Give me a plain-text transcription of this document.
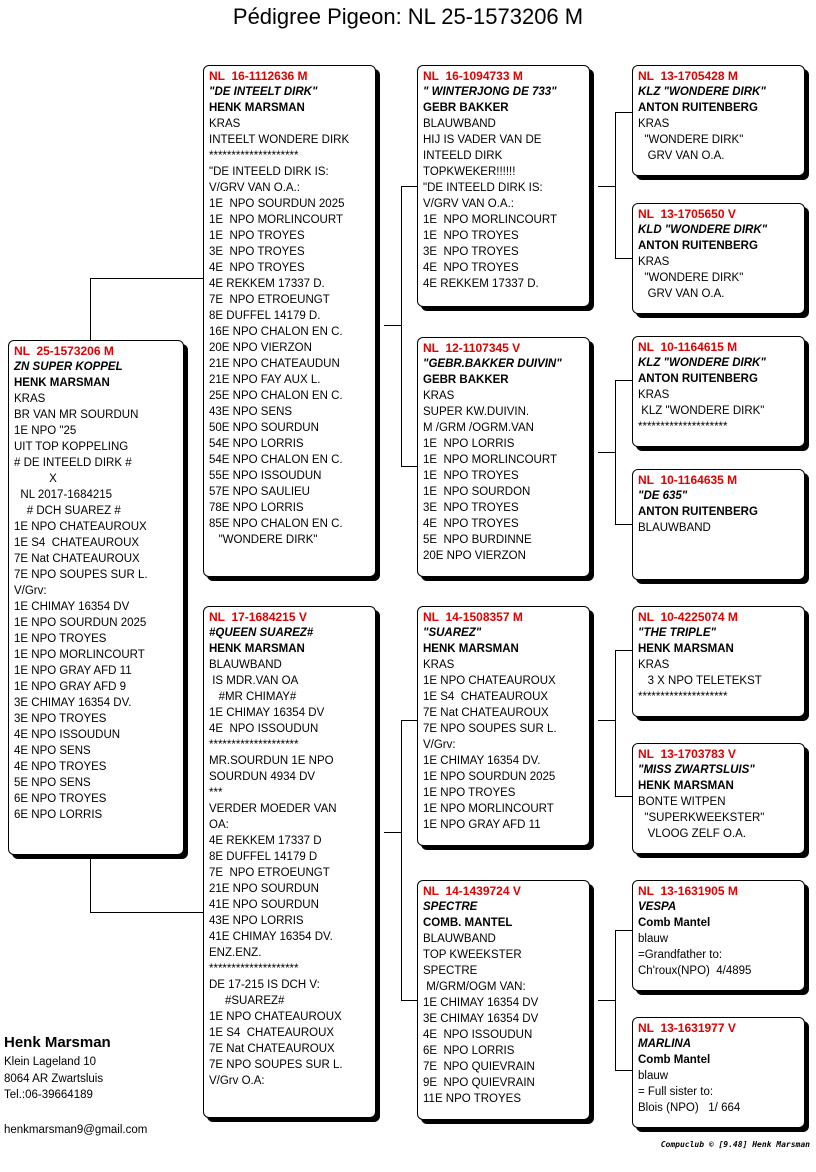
Pédigree Pigeon: NL 25-1573206 M
NL  25-1573206 M
ZN SUPER KOPPEL
HENK MARSMAN
KRAS
BR VAN MR SOURDUN
1E NPO "25
UIT TOP KOPPELING
# DE INTEELD DIRK #
X
NL 2017-1684215
# DCH SUAREZ #
1E NPO CHATEAUROUX
1E S4  CHATEAUROUX
7E Nat CHATEAUROUX
7E NPO SOUPES SUR L.
V/Grv:
1E CHIMAY 16354 DV
1E NPO SOURDUN 2025
1E NPO TROYES
1E NPO MORLINCOURT
1E NPO GRAY AFD 11
1E NPO GRAY AFD 9
3E CHIMAY 16354 DV.
3E NPO TROYES
4E NPO ISSOUDUN
4E NPO SENS
4E NPO TROYES
5E NPO SENS
6E NPO TROYES
6E NPO LORRIS
NL  16-1112636 M
"DE INTEELT DIRK"
HENK MARSMAN
KRAS
INTEELT WONDERE DIRK
********************
"DE INTEELD DIRK IS:
V/GRV VAN O.A.:
1E  NPO SOURDUN 2025
1E  NPO MORLINCOURT
1E  NPO TROYES
3E  NPO TROYES
4E  NPO TROYES
4E REKKEM 17337 D.
7E  NPO ETROEUNGT
8E DUFFEL 14179 D.
16E NPO CHALON EN C.
20E NPO VIERZON
21E NPO CHATEAUDUN
21E NPO FAY AUX L.
25E NPO CHALON EN C.
43E NPO SENS
50E NPO SOURDUN
54E NPO LORRIS
54E NPO CHALON EN C.
55E NPO ISSOUDUN
57E NPO SAULIEU
78E NPO LORRIS
85E NPO CHALON EN C.
"WONDERE DIRK"
NL  17-1684215 V
#QUEEN SUAREZ#
HENK MARSMAN
BLAUWBAND
IS MDR.VAN OA
#MR CHIMAY#
1E CHIMAY 16354 DV
4E  NPO ISSOUDUN
********************
MR.SOURDUN 1E NPO
SOURDUN 4934 DV
***
VERDER MOEDER VAN
OA:
4E REKKEM 17337 D
8E DUFFEL 14179 D
7E  NPO ETROEUNGT
21E NPO SOURDUN
41E NPO SOURDUN
43E NPO LORRIS
41E CHIMAY 16354 DV.
ENZ.ENZ.
********************
DE 17-215 IS DCH V:
#SUAREZ#
1E NPO CHATEAUROUX
1E S4  CHATEAUROUX
7E Nat CHATEAUROUX
7E NPO SOUPES SUR L.
V/Grv O.A:
NL  16-1094733 M
" WINTERJONG DE 733"
GEBR BAKKER
BLAUWBAND
HIJ IS VADER VAN DE
INTEELD DIRK
TOPKWEKER!!!!!!
"DE INTEELD DIRK IS:
V/GRV VAN O.A.:
1E  NPO MORLINCOURT
1E  NPO TROYES
3E  NPO TROYES
4E  NPO TROYES
4E REKKEM 17337 D.
NL  12-1107345 V
"GEBR.BAKKER DUIVIN"
GEBR BAKKER
KRAS
SUPER KW.DUIVIN.
M /GRM /OGRM.VAN
1E  NPO LORRIS
1E  NPO MORLINCOURT
1E  NPO TROYES
1E  NPO SOURDON
3E  NPO TROYES
4E  NPO TROYES
5E  NPO BURDINNE
20E NPO VIERZON
NL  14-1508357 M
"SUAREZ"
HENK MARSMAN
KRAS
1E NPO CHATEAUROUX
1E S4  CHATEAUROUX
7E Nat CHATEAUROUX
7E NPO SOUPES SUR L.
V/Grv:
1E CHIMAY 16354 DV.
1E NPO SOURDUN 2025
1E NPO TROYES
1E NPO MORLINCOURT
1E NPO GRAY AFD 11
NL  14-1439724 V
SPECTRE
COMB. MANTEL
BLAUWBAND
TOP KWEEKSTER
SPECTRE
M/GRM/OGM VAN:
1E CHIMAY 16354 DV
3E CHIMAY 16354 DV
4E  NPO ISSOUDUN
6E  NPO LORRIS
7E  NPO QUIEVRAIN
9E  NPO QUIEVRAIN
11E NPO TROYES
NL  13-1705428 M
KLZ "WONDERE DIRK"
ANTON RUITENBERG
KRAS
"WONDERE DIRK"
GRV VAN O.A.
NL  13-1705650 V
KLD "WONDERE DIRK"
ANTON RUITENBERG
KRAS
"WONDERE DIRK"
GRV VAN O.A.
NL  10-1164615 M
KLZ "WONDERE DIRK"
ANTON RUITENBERG
KRAS
KLZ "WONDERE DIRK"
********************
NL  10-1164635 M
"DE 635"
ANTON RUITENBERG
BLAUWBAND
NL  10-4225074 M
"THE TRIPLE"
HENK MARSMAN
KRAS
3 X NPO TELETEKST
********************
NL  13-1703783 V
"MISS ZWARTSLUIS"
HENK MARSMAN
BONTE WITPEN
"SUPERKWEEKSTER"
VLOOG ZELF O.A.
NL  13-1631905 M
VESPA
Comb Mantel
blauw
=Grandfather to:
Ch'roux(NPO)  4/4895
NL  13-1631977 V
MARLINA
Comb Mantel
blauw
= Full sister to:
Blois (NPO)   1/ 664
Henk Marsman
Klein Lageland 10
8064 AR Zwartsluis
Tel.:06-39664189
henkmarsman9@gmail.com
Compuclub © [9.48] Henk Marsman
